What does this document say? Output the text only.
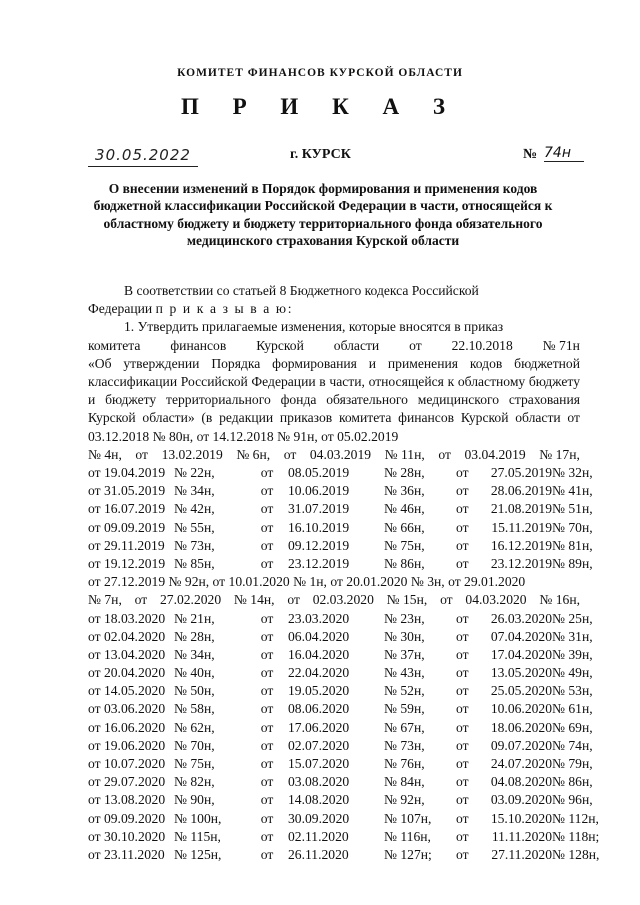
КОМИТЕТ ФИНАНСОВ КУРСКОЙ ОБЛАСТИ
П Р И К А З
30.05.2022	г. КУРСК	№ 74н
О внесении изменений в Порядок формирования и применения кодов бюджетной классификации Российской Федерации в части, относящейся к областному бюджету и бюджету территориального фонда обязательного медицинского страхования Курской области

В соответствии со статьей 8 Бюджетного кодекса Российской

Федерации п р и к а з ы в а ю:

1. Утвердить прилагаемые изменения, которые вносятся в приказ

комитета финансов Курской области от 22.10.2018 № 71н

«Об утверждении Порядка формирования и применения кодов бюджетной классификации Российской Федерации в части, относящейся к областному бюджету и бюджету территориального фонда обязательного медицинского страхования Курской области» (в редакции приказов комитета финансов Курской области от 03.12.2018 № 80н, от 14.12.2018 № 91н, от 05.02.2019

№ 4н, от 13.02.2019 № 6н, от 04.03.2019 № 11н, от 03.04.2019 № 17н,
от 19.04.2019 № 22н,	от	08.05.2019	№ 28н,	от 27.05.2019 № 32н,
от 31.05.2019 № 34н,	от	10.06.2019	№ 36н,	от 28.06.2019 № 41н,
от 16.07.2019 № 42н,	от	31.07.2019	№ 46н,	от 21.08.2019 № 51н,
от 09.09.2019 № 55н,	от	16.10.2019	№ 66н,	от 15.11.2019 № 70н,
от 29.11.2019 № 73н,	от	09.12.2019	№ 75н,	от 16.12.2019 № 81н,
от 19.12.2019 № 85н,	от	23.12.2019	№ 86н,	от 23.12.2019 № 89н,

от 27.12.2019 № 92н, от 10.01.2020 № 1н, от 20.01.2020 № 3н, от 29.01.2020

№ 7н, от 27.02.2020 № 14н, от 02.03.2020 № 15н, от 04.03.2020 № 16н,
от 18.03.2020 № 21н,	от	23.03.2020	№ 23н,	от 26.03.2020 № 25н,
от 02.04.2020 № 28н,	от	06.04.2020	№ 30н,	от 07.04.2020 № 31н,
от 13.04.2020 № 34н,	от	16.04.2020	№ 37н,	от 17.04.2020 № 39н,
от 20.04.2020 № 40н,	от	22.04.2020	№ 43н,	от 13.05.2020 № 49н,
от 14.05.2020 № 50н,	от	19.05.2020	№ 52н,	от 25.05.2020 № 53н,
от 03.06.2020 № 58н,	от	08.06.2020	№ 59н,	от 10.06.2020 № 61н,
от 16.06.2020 № 62н,	от	17.06.2020	№ 67н,	от 18.06.2020 № 69н,
от 19.06.2020 № 70н,	от	02.07.2020	№ 73н,	от 09.07.2020 № 74н,
от 10.07.2020 № 75н,	от	15.07.2020	№ 76н,	от 24.07.2020 № 79н,
от 29.07.2020 № 82н,	от	03.08.2020	№ 84н,	от 04.08.2020 № 86н,
от 13.08.2020 № 90н,	от	14.08.2020	№ 92н,	от 03.09.2020 № 96н,
от 09.09.2020 № 100н,	от	30.09.2020	№ 107н,	от 15.10.2020 № 112н,
от 30.10.2020 № 115н,	от	02.11.2020	№ 116н,	от 11.11.2020 № 118н;
от 23.11.2020 № 125н,	от	26.11.2020	№ 127н;	от 27.11.2020 № 128н,
